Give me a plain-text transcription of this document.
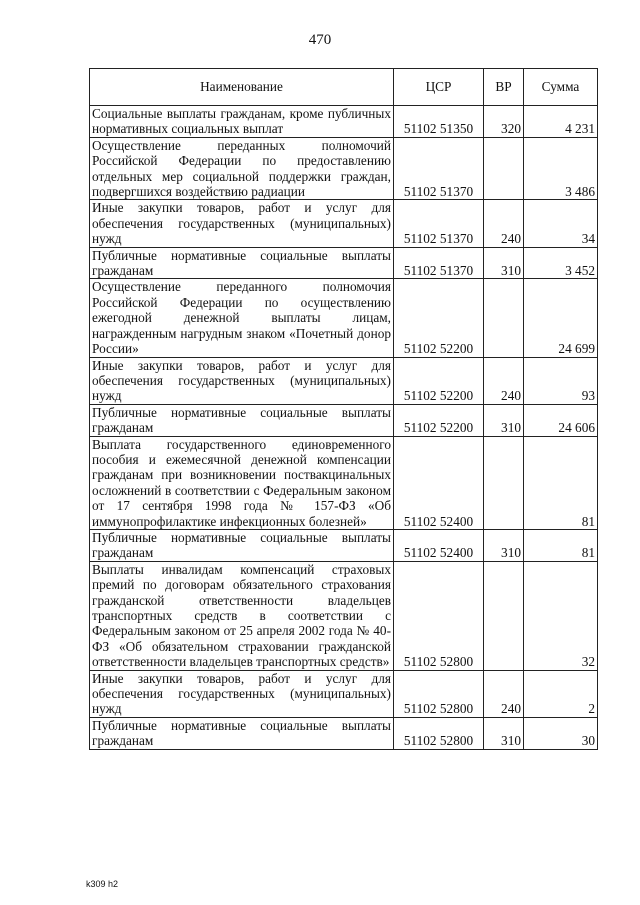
470
Наименование	ЦСР	ВР	Сумма
Социальные выплаты гражданам, кроме публичных нормативных социальных выплат	51102 51350	320	4 231
Осуществление переданных полномочий Российской Федерации по предоставлению отдельных мер социальной поддержки граждан, подвергшихся воздействию радиации	51102 51370		3 486
Иные закупки товаров, работ и услуг для обеспечения государственных (муниципальных) нужд	51102 51370	240	34
Публичные нормативные социальные выплаты гражданам	51102 51370	310	3 452
Осуществление переданного полномочия Российской Федерации по осуществлению ежегодной денежной выплаты лицам, награжденным нагрудным знаком «Почетный донор России»	51102 52200		24 699
Иные закупки товаров, работ и услуг для обеспечения государственных (муниципальных) нужд	51102 52200	240	93
Публичные нормативные социальные выплаты гражданам	51102 52200	310	24 606
Выплата государственного единовременного пособия и ежемесячной денежной компенсации гражданам при возникновении поствакцинальных осложнений в соответствии с Федеральным законом от 17 сентября 1998 года № 157-ФЗ «Об иммунопрофилактике инфекционных болезней»	51102 52400		81
Публичные нормативные социальные выплаты гражданам	51102 52400	310	81
Выплаты инвалидам компенсаций страховых премий по договорам обязательного страхования гражданской ответственности владельцев транспортных средств в соответствии с Федеральным законом от 25 апреля 2002 года № 40-ФЗ «Об обязательном страховании гражданской ответственности владельцев транспортных средств»	51102 52800		32
Иные закупки товаров, работ и услуг для обеспечения государственных (муниципальных) нужд	51102 52800	240	2
Публичные нормативные социальные выплаты гражданам	51102 52800	310	30
k309 h2
